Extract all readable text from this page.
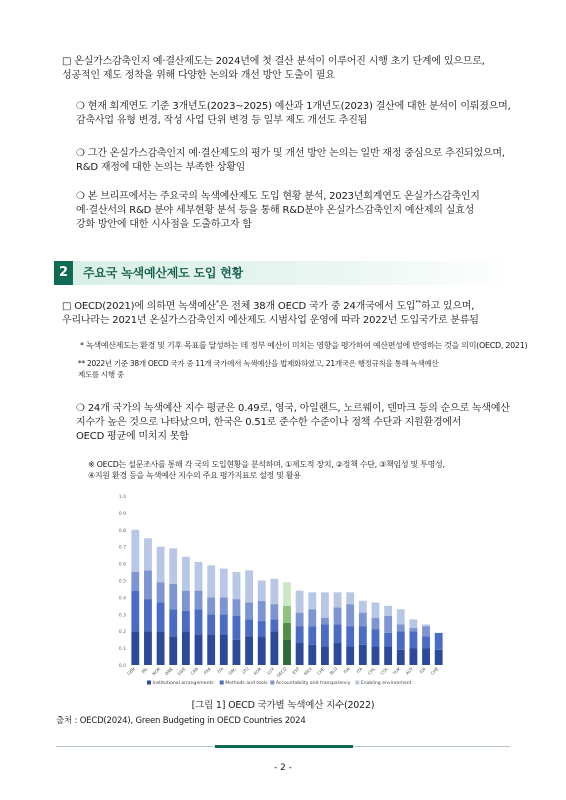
□ 온실가스감축인지 예·결산제도는 2024년에 첫 결산 분석이 이루어진 시행 초기 단계에 있으므로,
성공적인 제도 정착을 위해 다양한 논의와 개선 방안 도출이 필요
❍ 현재 회계연도 기준 3개년도(2023~2025) 예산과 1개년도(2023) 결산에 대한 분석이 이뤄졌으며,
감축사업 유형 변경, 작성 사업 단위 변경 등 일부 제도 개선도 추진됨
❍ 그간 온실가스감축인지 예·결산제도의 평가 및 개선 방안 논의는 일반 재정 중심으로 추진되었으며,
R&D 재정에 대한 논의는 부족한 상황임
❍ 본 브리프에서는 주요국의 녹색예산제도 도입 현황 분석, 2023년회계연도 온실가스감축인지
예·결산서의 R&D 분야 세부현황 분석 등을 통해 R&D분야 온실가스감축인지 예산제의 실효성
강화 방안에 대한 시사점을 도출하고자 함
2	주요국 녹색예산제도 도입 현황
□ OECD(2021)에 의하면 녹색예산*은 전체 38개 OECD 국가 중 24개국에서 도입**하고 있으며,
우리나라는 2021년 온실가스감축인지 예산제도 시범사업 운영에 따라 2022년 도입국가로 분류됨
* 녹색예산제도는 환경 및 기후 목표를 달성하는 데 정부 예산이 미치는 영향을 평가하여 예산편성에 반영하는 것을 의미(OECD, 2021)
** 2022년 기준 38개 OECD 국가 중 11개 국가에서 녹색예산을 법제화하였고, 21개국은 행정규칙을 통해 녹색예산
제도를 시행 중
❍ 24개 국가의 녹색예산 지수 평균은 0.49로, 영국, 아일랜드, 노르웨이, 덴마크 등의 순으로 녹색예산
지수가 높은 것으로 나타났으며, 한국은 0.51로 준수한 수준이나 정책 수단과 지원환경에서
OECD 평균에 미치지 못함
※ OECD는 설문조사를 통해 각 국의 도입현황을 분석하며, ①제도적 장치, ②정책 수단, ③책임성 및 투명성,
④지원 환경 등을 녹색예산 지수의 주요 평가지표로 설정 및 활용
0.0
0.1
0.2
0.3
0.4
0.5
0.6
0.7
0.8
0.9
1.0
GBR IRL NOR DNK SWE CAN FRA ITA GRC LTU KOR LUX OECD ESP MEX CHE NLD FIN ITA CHL COL TUR AUT ISR CHE
Institutional arrangements Methods and tools Accountability and transparency Enabling environment
[그림 1] OECD 국가별 녹색예산 지수(2022)
출처 : OECD(2024), Green Budgeting in OECD Countries 2024
- 2 -
